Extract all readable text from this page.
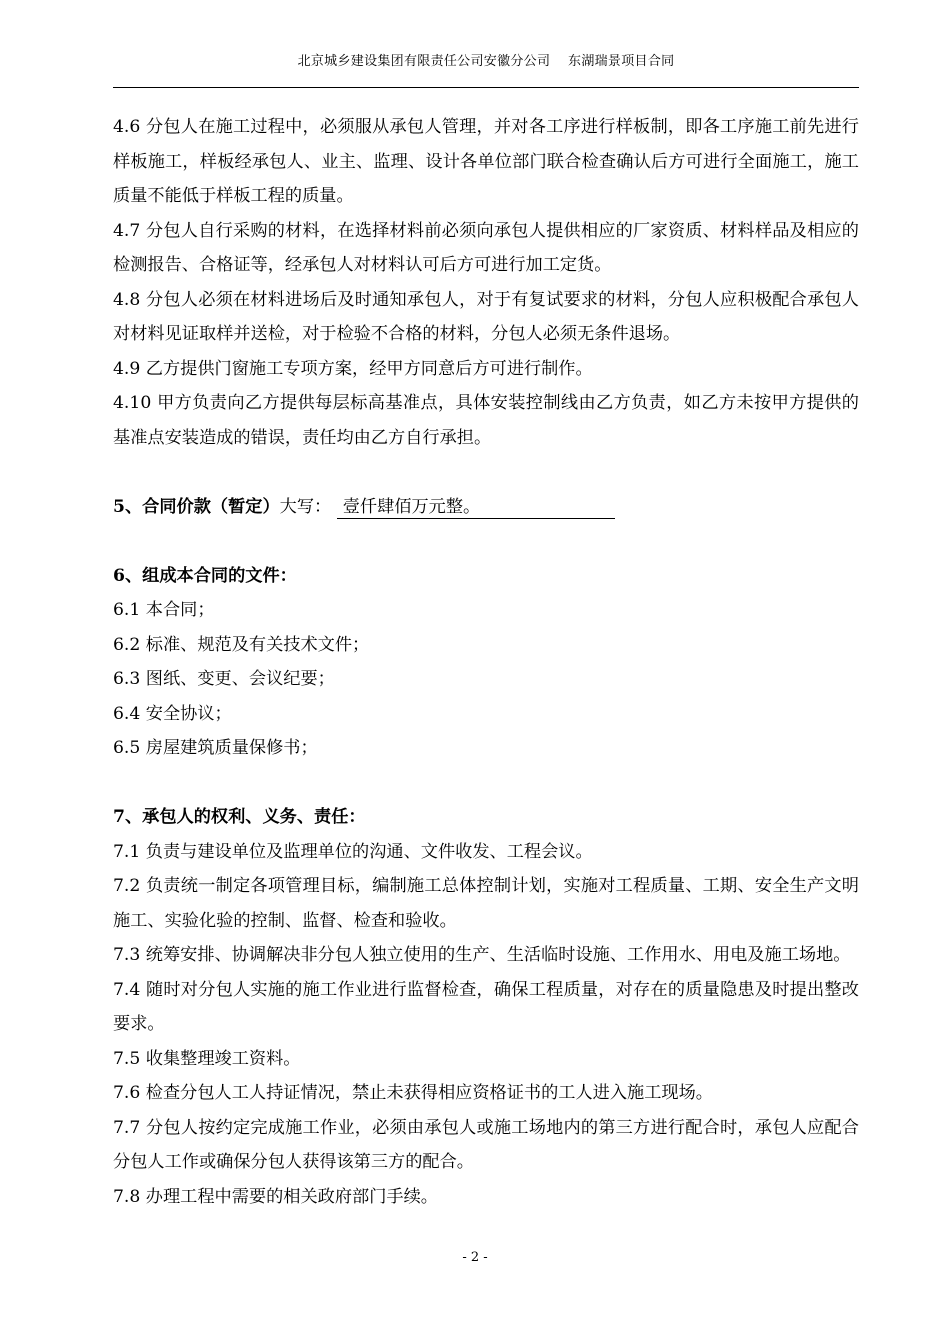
北京城乡建设集团有限责任公司安徽分公司 东湖瑞景项目合同

4.6 分包人在施工过程中，必须服从承包人管理，并对各工序进行样板制，即各工序施工前先进行样板施工，样板经承包人、业主、监理、设计各单位部门联合检查确认后方可进行全面施工，施工质量不能低于样板工程的质量。

4.7 分包人自行采购的材料，在选择材料前必须向承包人提供相应的厂家资质、材料样品及相应的检测报告、合格证等，经承包人对材料认可后方可进行加工定货。

4.8 分包人必须在材料进场后及时通知承包人，对于有复试要求的材料，分包人应积极配合承包人对材料见证取样并送检，对于检验不合格的材料，分包人必须无条件退场。

4.9 乙方提供门窗施工专项方案，经甲方同意后方可进行制作。

4.10 甲方负责向乙方提供每层标高基准点，具体安装控制线由乙方负责，如乙方未按甲方提供的基准点安装造成的错误，责任均由乙方自行承担。

5、合同价款（暂定）大写： 壹仟肆佰万元整。

6、组成本合同的文件：

6.1 本合同；

6.2 标准、规范及有关技术文件；

6.3 图纸、变更、会议纪要；

6.4 安全协议；

6.5 房屋建筑质量保修书；

7、承包人的权利、义务、责任：

7.1 负责与建设单位及监理单位的沟通、文件收发、工程会议。

7.2 负责统一制定各项管理目标，编制施工总体控制计划，实施对工程质量、工期、安全生产文明施工、实验化验的控制、监督、检查和验收。

7.3 统筹安排、协调解决非分包人独立使用的生产、生活临时设施、工作用水、用电及施工场地。

7.4 随时对分包人实施的施工作业进行监督检查，确保工程质量，对存在的质量隐患及时提出整改要求。

7.5 收集整理竣工资料。

7.6 检查分包人工人持证情况，禁止未获得相应资格证书的工人进入施工现场。

7.7 分包人按约定完成施工作业，必须由承包人或施工场地内的第三方进行配合时，承包人应配合分包人工作或确保分包人获得该第三方的配合。

7.8 办理工程中需要的相关政府部门手续。

- 2 -
